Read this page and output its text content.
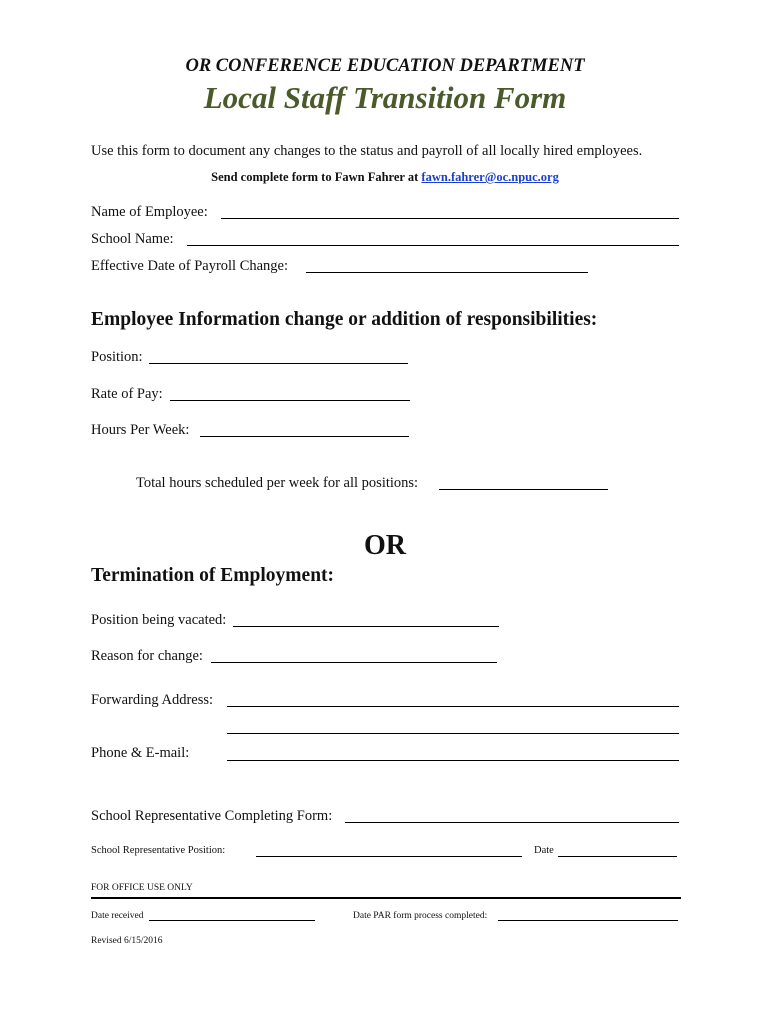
OR CONFERENCE EDUCATION DEPARTMENT
Local Staff Transition Form
Use this form to document any changes to the status and payroll of all locally hired employees.
Send complete form to Fawn Fahrer at fawn.fahrer@oc.npuc.org
Name of Employee:
School Name:
Effective Date of Payroll Change:
Employee Information change or addition of responsibilities:
Position:
Rate of Pay:
Hours Per Week:
Total hours scheduled per week for all positions:
OR
Termination of Employment:
Position being vacated:
Reason for change:
Forwarding Address:
Phone & E-mail:
School Representative Completing Form:
School Representative Position:	Date
FOR OFFICE USE ONLY
Date received	Date PAR form process completed:
Revised 6/15/2016
